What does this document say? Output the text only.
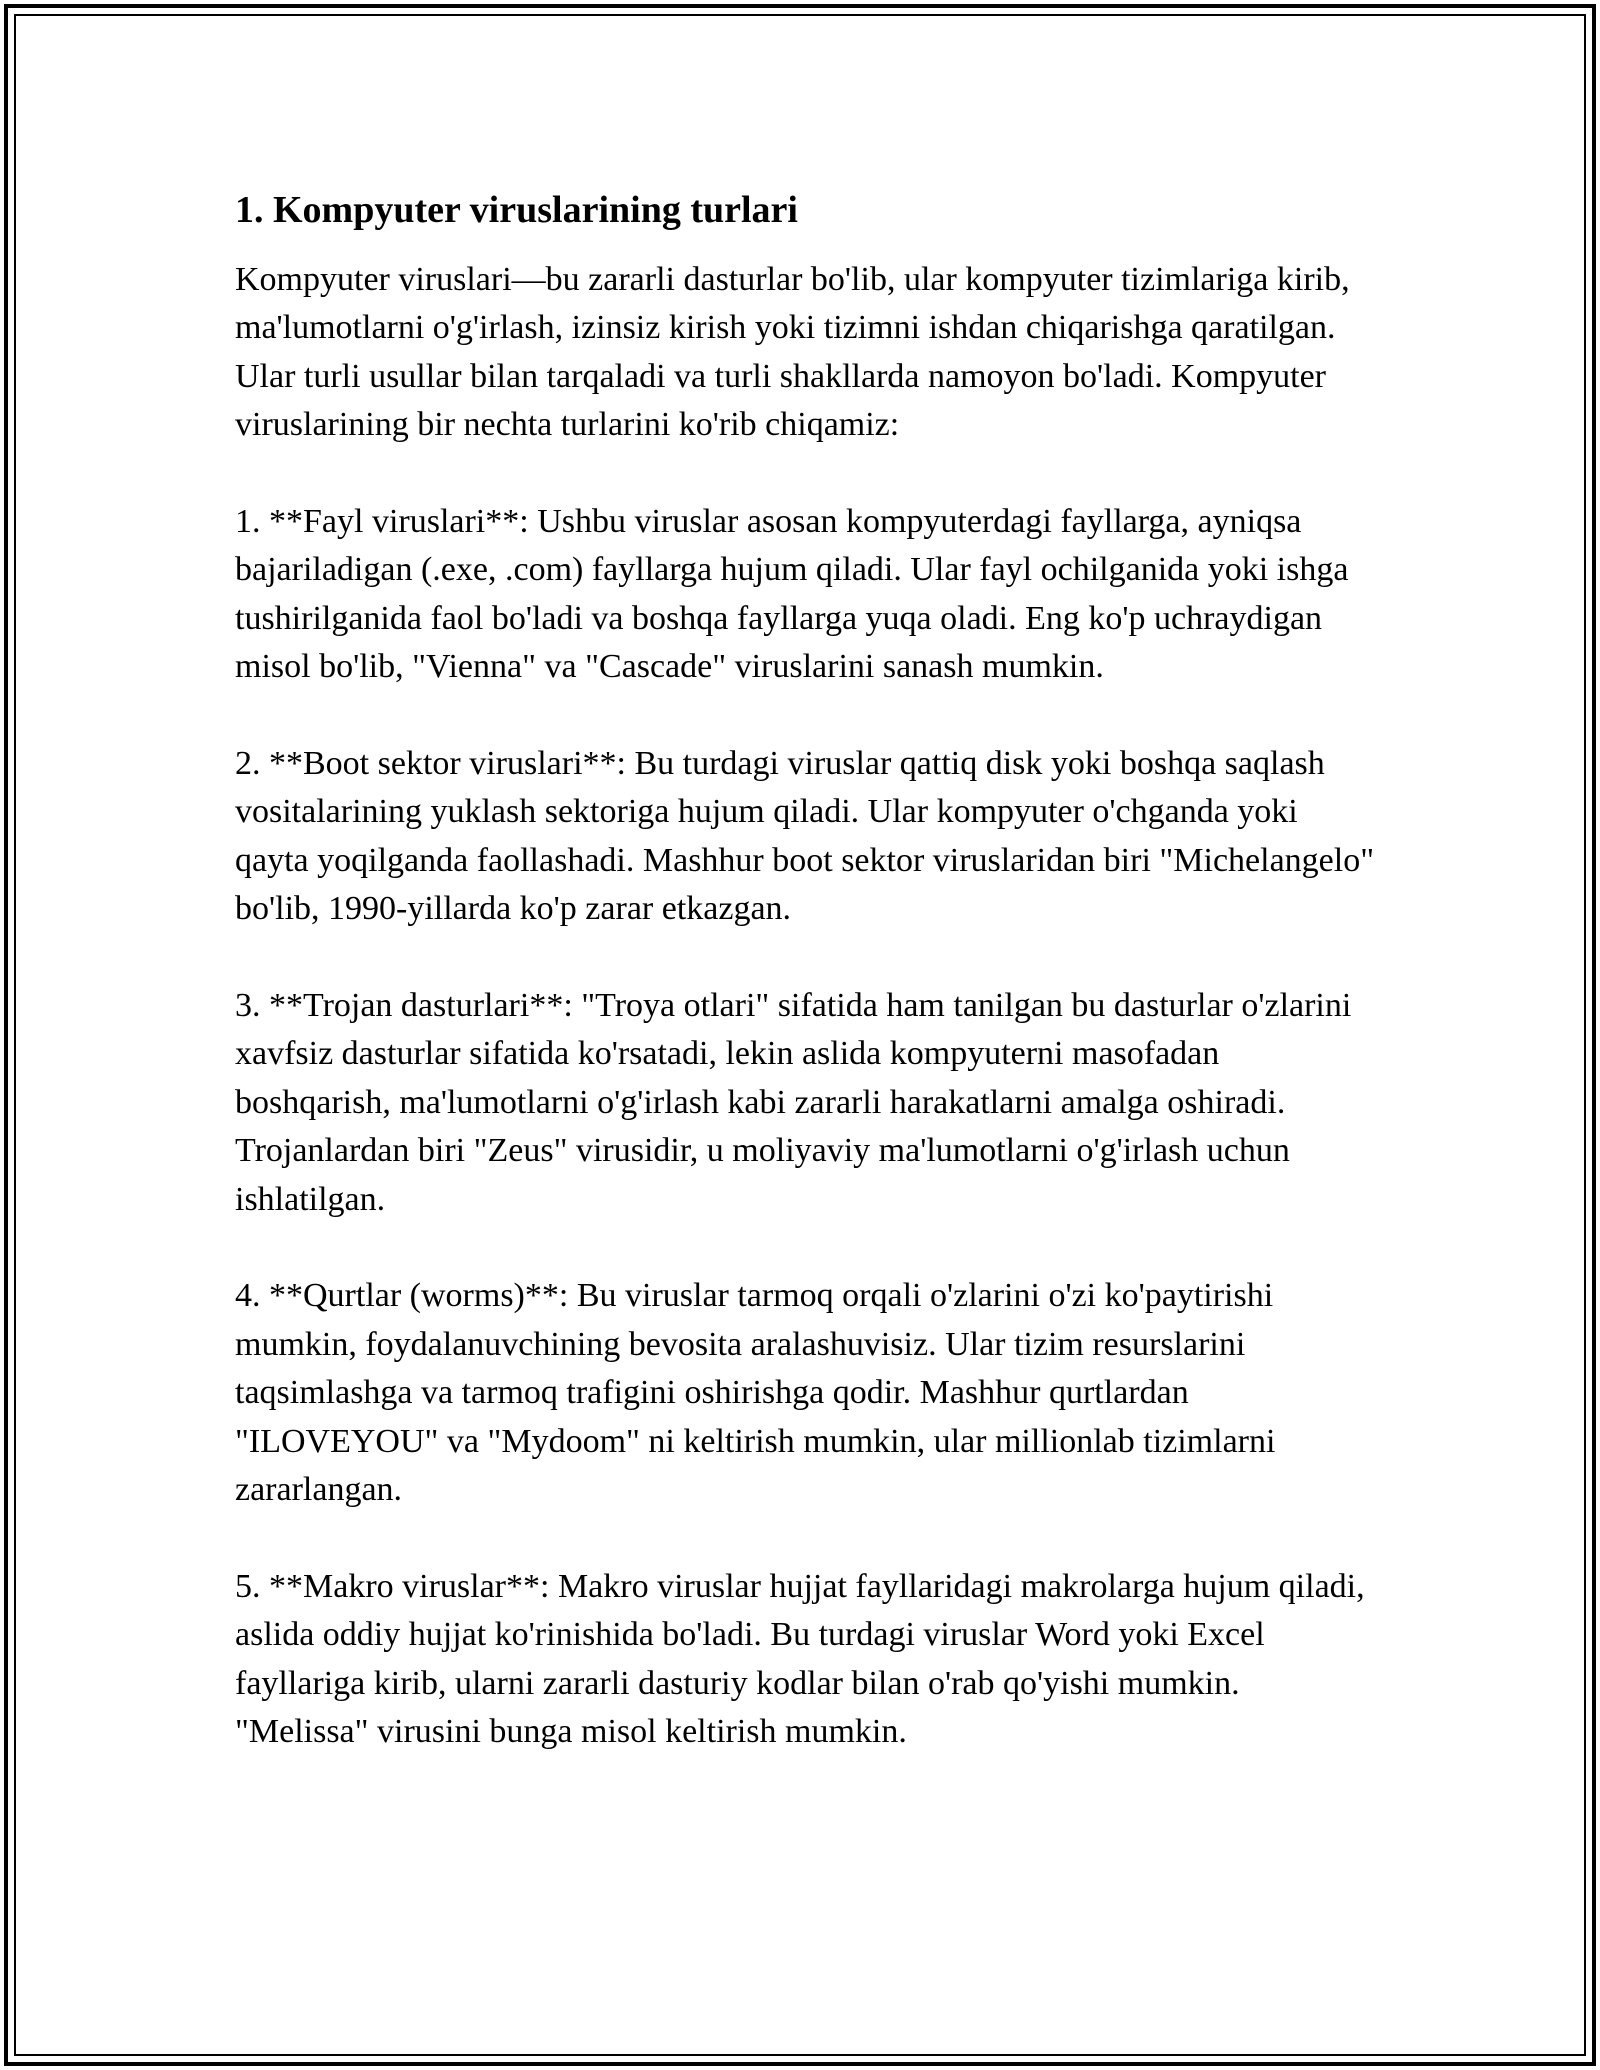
1. Kompyuter viruslarining turlari

Kompyuter viruslari—bu zararli dasturlar bo'lib, ular kompyuter tizimlariga kirib, ma'lumotlarni o'g'irlash, izinsiz kirish yoki tizimni ishdan chiqarishga qaratilgan. Ular turli usullar bilan tarqaladi va turli shakllarda namoyon bo'ladi. Kompyuter viruslarining bir nechta turlarini ko'rib chiqamiz:

1. **Fayl viruslari**: Ushbu viruslar asosan kompyuterdagi fayllarga, ayniqsa bajariladigan (.exe, .com) fayllarga hujum qiladi. Ular fayl ochilganida yoki ishga tushirilganida faol bo'ladi va boshqa fayllarga yuqa oladi. Eng ko'p uchraydigan misol bo'lib, "Vienna" va "Cascade" viruslarini sanash mumkin.

2. **Boot sektor viruslari**: Bu turdagi viruslar qattiq disk yoki boshqa saqlash vositalarining yuklash sektoriga hujum qiladi. Ular kompyuter o'chganda yoki qayta yoqilganda faollashadi. Mashhur boot sektor viruslaridan biri "Michelangelo" bo'lib, 1990-yillarda ko'p zarar etkazgan.

3. **Trojan dasturlari**: "Troya otlari" sifatida ham tanilgan bu dasturlar o'zlarini xavfsiz dasturlar sifatida ko'rsatadi, lekin aslida kompyuterni masofadan boshqarish, ma'lumotlarni o'g'irlash kabi zararli harakatlarni amalga oshiradi. Trojanlardan biri "Zeus" virusidir, u moliyaviy ma'lumotlarni o'g'irlash uchun ishlatilgan.

4. **Qurtlar (worms)**: Bu viruslar tarmoq orqali o'zlarini o'zi ko'paytirishi mumkin, foydalanuvchining bevosita aralashuvisiz. Ular tizim resurslarini taqsimlashga va tarmoq trafigini oshirishga qodir. Mashhur qurtlardan "ILOVEYOU" va "Mydoom" ni keltirish mumkin, ular millionlab tizimlarni zararlangan.

5. **Makro viruslar**: Makro viruslar hujjat fayllaridagi makrolarga hujum qiladi, aslida oddiy hujjat ko'rinishida bo'ladi. Bu turdagi viruslar Word yoki Excel fayllariga kirib, ularni zararli dasturiy kodlar bilan o'rab qo'yishi mumkin. "Melissa" virusini bunga misol keltirish mumkin.
